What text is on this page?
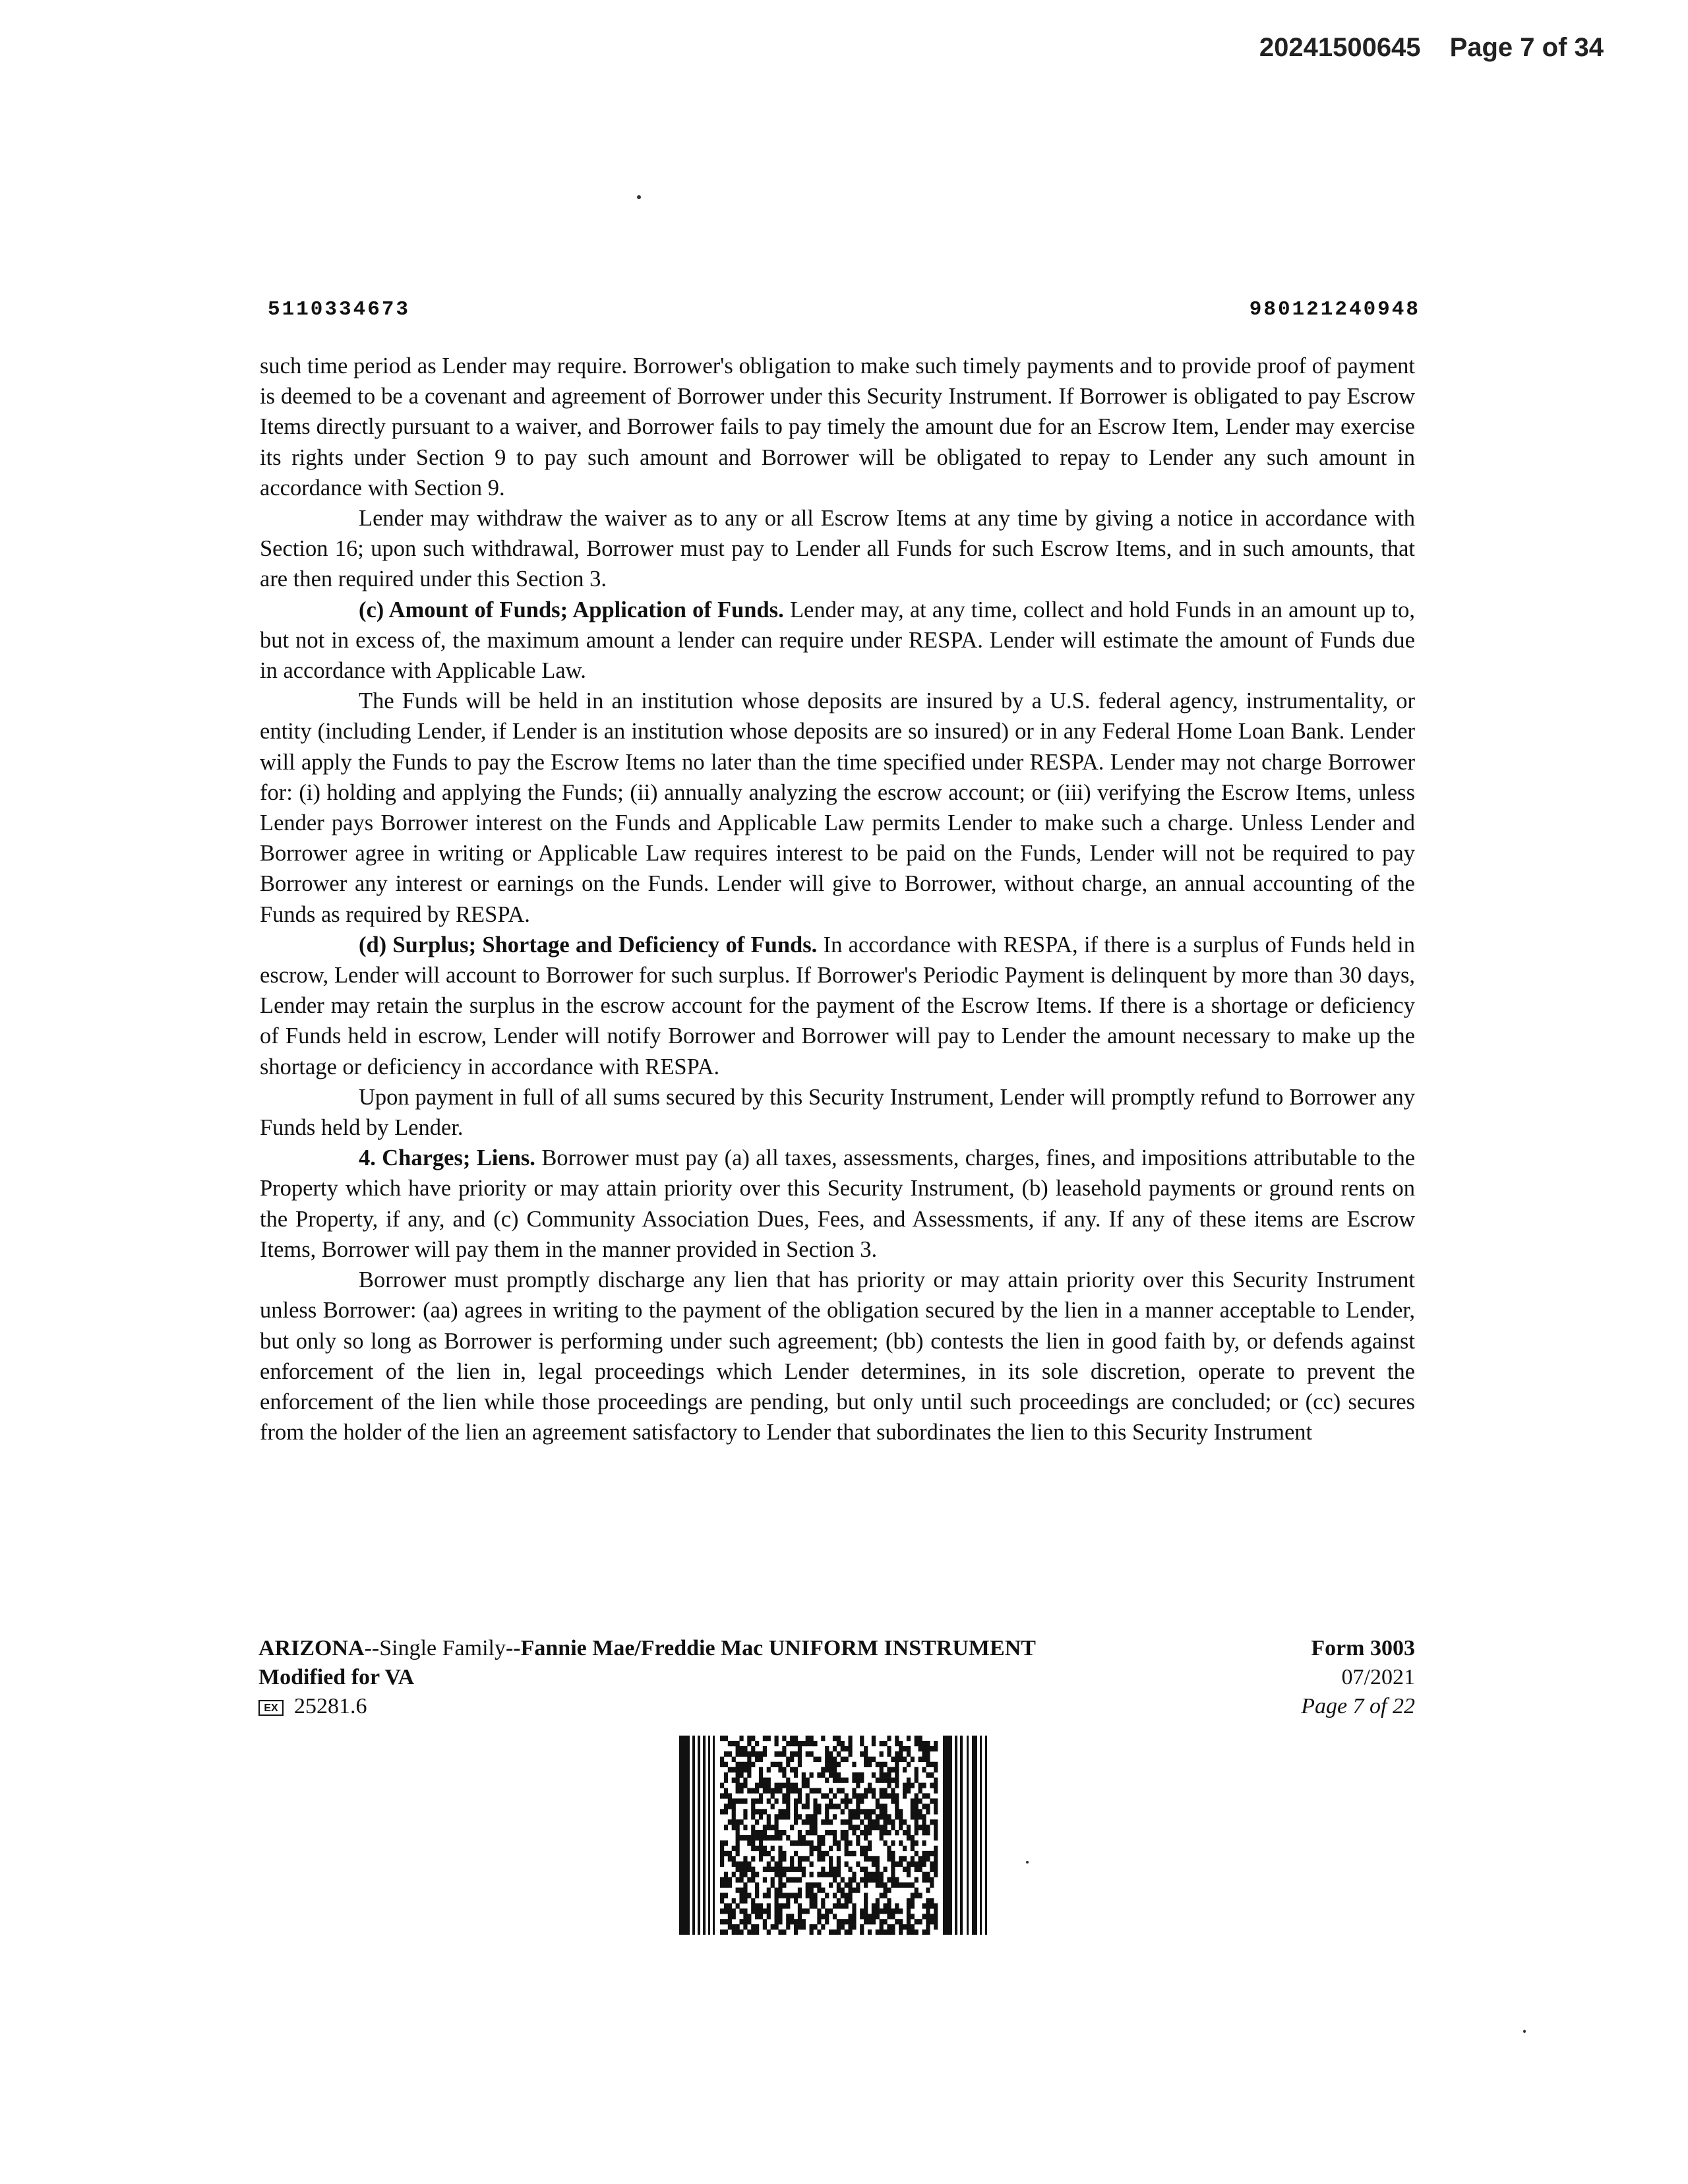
20241500645 Page 7 of 34
5110334673	980121240948

such time period as Lender may require. Borrower's obligation to make such timely payments and to provide proof of payment is deemed to be a covenant and agreement of Borrower under this Security Instrument. If Borrower is obligated to pay Escrow Items directly pursuant to a waiver, and Borrower fails to pay timely the amount due for an Escrow Item, Lender may exercise its rights under Section 9 to pay such amount and Borrower will be obligated to repay to Lender any such amount in accordance with Section 9.

Lender may withdraw the waiver as to any or all Escrow Items at any time by giving a notice in accordance with Section 16; upon such withdrawal, Borrower must pay to Lender all Funds for such Escrow Items, and in such amounts, that are then required under this Section 3.

(c) Amount of Funds; Application of Funds. Lender may, at any time, collect and hold Funds in an amount up to, but not in excess of, the maximum amount a lender can require under RESPA. Lender will estimate the amount of Funds due in accordance with Applicable Law.

The Funds will be held in an institution whose deposits are insured by a U.S. federal agency, instrumentality, or entity (including Lender, if Lender is an institution whose deposits are so insured) or in any Federal Home Loan Bank. Lender will apply the Funds to pay the Escrow Items no later than the time specified under RESPA. Lender may not charge Borrower for: (i) holding and applying the Funds; (ii) annually analyzing the escrow account; or (iii) verifying the Escrow Items, unless Lender pays Borrower interest on the Funds and Applicable Law permits Lender to make such a charge. Unless Lender and Borrower agree in writing or Applicable Law requires interest to be paid on the Funds, Lender will not be required to pay Borrower any interest or earnings on the Funds. Lender will give to Borrower, without charge, an annual accounting of the Funds as required by RESPA.

(d) Surplus; Shortage and Deficiency of Funds. In accordance with RESPA, if there is a surplus of Funds held in escrow, Lender will account to Borrower for such surplus. If Borrower's Periodic Payment is delinquent by more than 30 days, Lender may retain the surplus in the escrow account for the payment of the Escrow Items. If there is a shortage or deficiency of Funds held in escrow, Lender will notify Borrower and Borrower will pay to Lender the amount necessary to make up the shortage or deficiency in accordance with RESPA.

Upon payment in full of all sums secured by this Security Instrument, Lender will promptly refund to Borrower any Funds held by Lender.

4. Charges; Liens. Borrower must pay (a) all taxes, assessments, charges, fines, and impositions attributable to the Property which have priority or may attain priority over this Security Instrument, (b) leasehold payments or ground rents on the Property, if any, and (c) Community Association Dues, Fees, and Assessments, if any. If any of these items are Escrow Items, Borrower will pay them in the manner provided in Section 3.

Borrower must promptly discharge any lien that has priority or may attain priority over this Security Instrument unless Borrower: (aa) agrees in writing to the payment of the obligation secured by the lien in a manner acceptable to Lender, but only so long as Borrower is performing under such agreement; (bb) contests the lien in good faith by, or defends against enforcement of the lien in, legal proceedings which Lender determines, in its sole discretion, operate to prevent the enforcement of the lien while those proceedings are pending, but only until such proceedings are concluded; or (cc) secures from the holder of the lien an agreement satisfactory to Lender that subordinates the lien to this Security Instrument

ARIZONA--Single Family--Fannie Mae/Freddie Mac UNIFORM INSTRUMENT
Modified for VA
EX 25281.6
Form 3003
07/2021
Page 7 of 22
